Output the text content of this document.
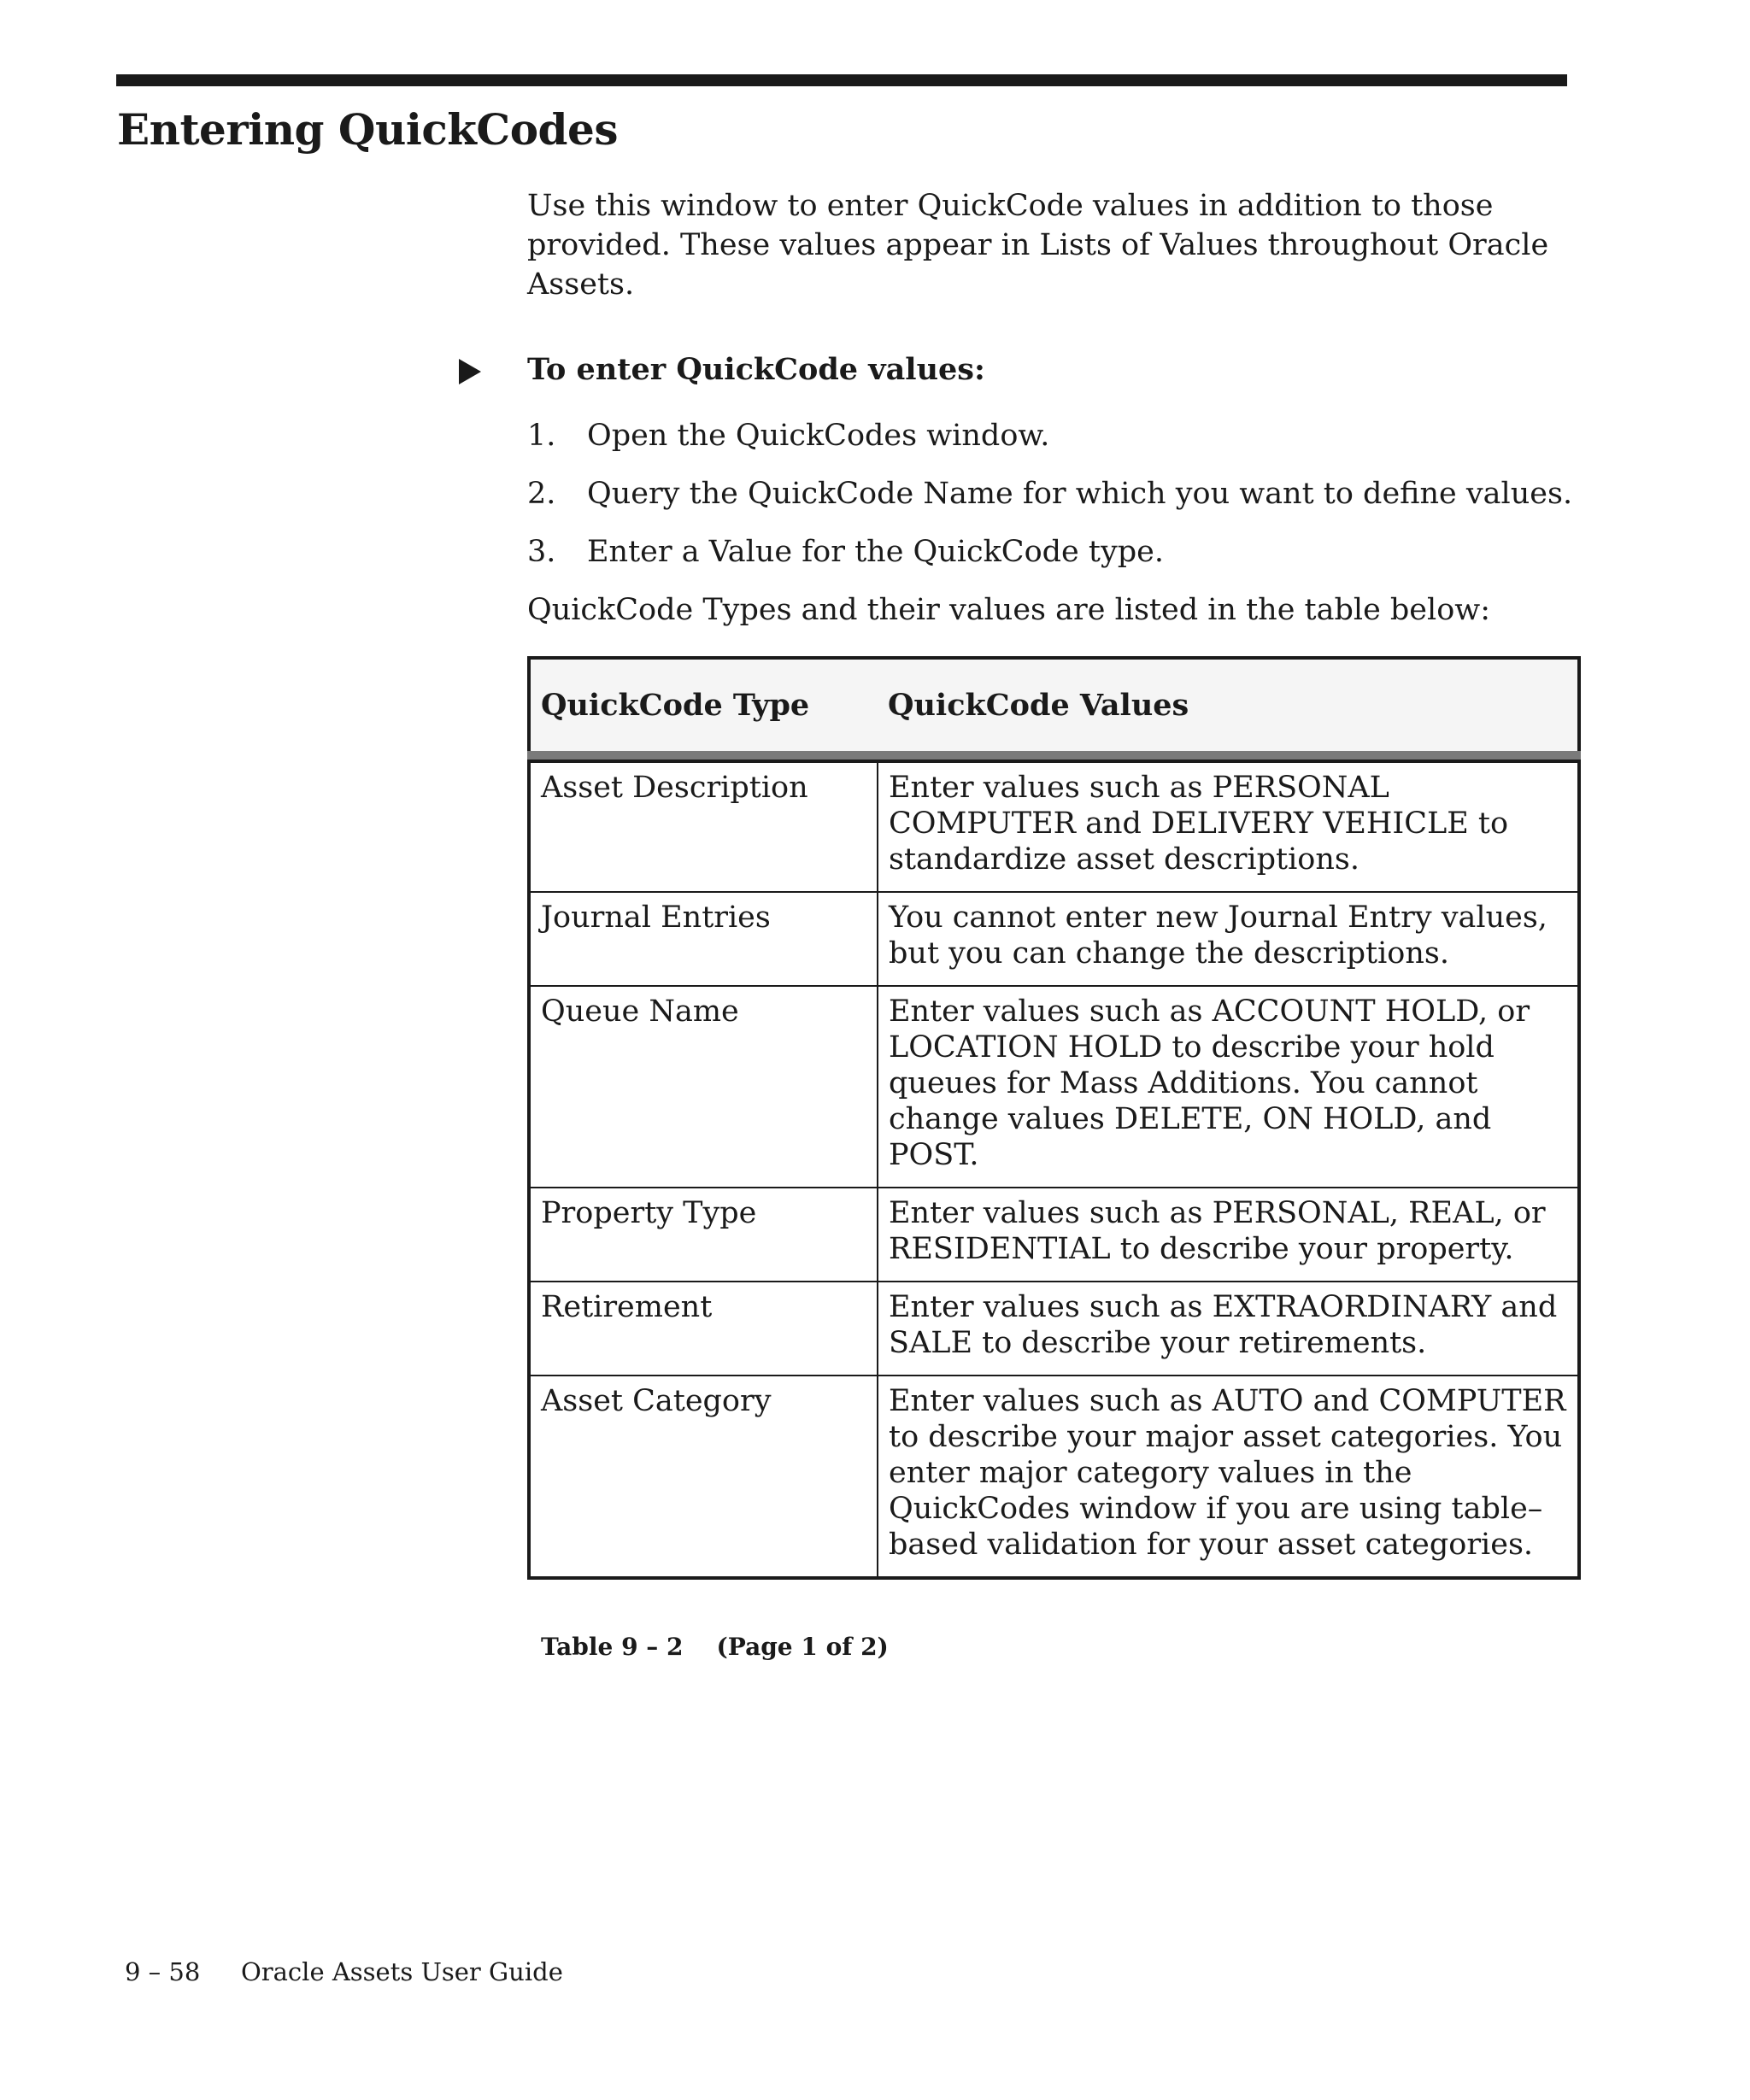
Entering QuickCodes

Use this window to enter QuickCode values in addition to those provided. These values appear in Lists of Values throughout Oracle Assets.

To enter QuickCode values:

1.	Open the QuickCodes window.
2.	Query the QuickCode Name for which you want to define values.
3.	Enter a Value for the QuickCode type.

QuickCode Types and their values are listed in the table below:

QuickCode Type	QuickCode Values

Asset Description	Enter values such as PERSONAL COMPUTER and DELIVERY VEHICLE to standardize asset descriptions.
Journal Entries	You cannot enter new Journal Entry values, but you can change the descriptions.
Queue Name	Enter values such as ACCOUNT HOLD, or LOCATION HOLD to describe your hold queues for Mass Additions. You cannot change values DELETE, ON HOLD, and POST.
Property Type	Enter values such as PERSONAL, REAL, or RESIDENTIAL to describe your property.
Retirement	Enter values such as EXTRAORDINARY and SALE to describe your retirements.
Asset Category	Enter values such as AUTO and COMPUTER to describe your major asset categories. You enter major category values in the QuickCodes window if you are using table–based validation for your asset categories.

Table 9 – 2    (Page 1 of 2)

9 – 58	Oracle Assets User Guide
